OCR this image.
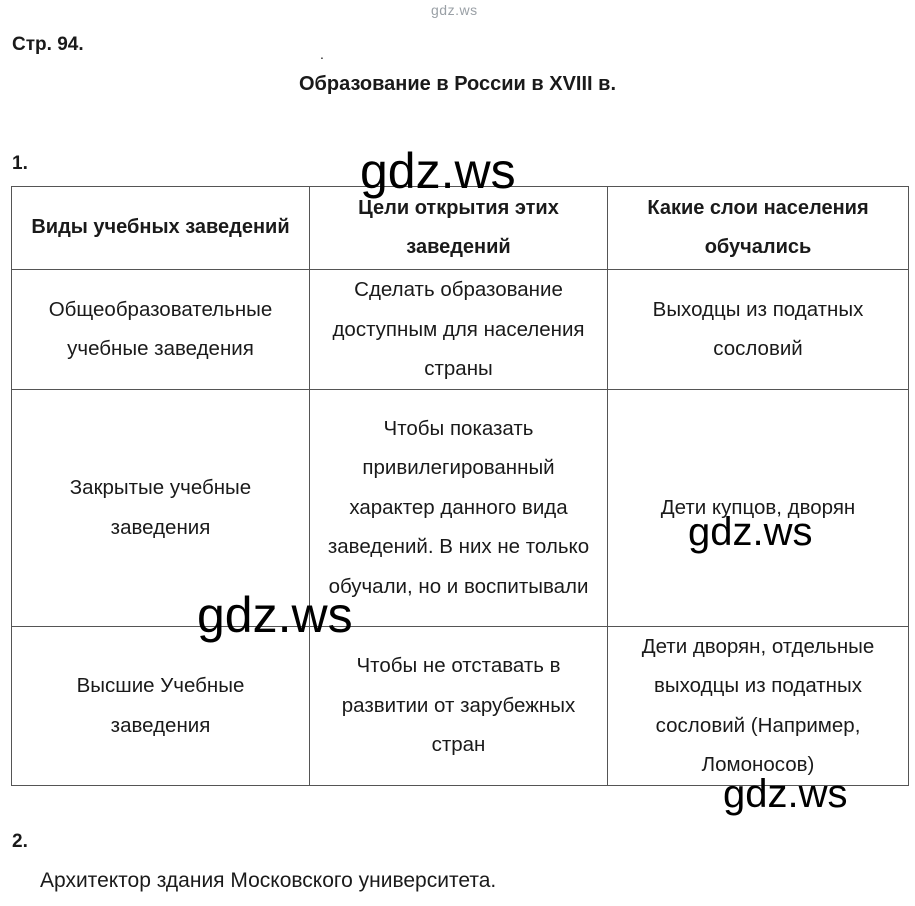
gdz.ws
Стр. 94.	.
Образование в России в XVIII в.
1.
Виды учебных заведений	Цели открытия этих заведений	Какие слои населения обучались
Общеобразовательные учебные заведения	Сделать образование доступным для населения страны	Выходцы из податных сословий
Закрытые учебные заведения	Чтобы показать привилегированный характер данного вида заведений. В них не только обучали, но и воспитывали	Дети купцов, дворян
Высшие Учебные заведения	Чтобы не отставать в развитии от зарубежных стран	Дети дворян, отдельные выходцы из податных сословий (Например, Ломоносов)
2.
Архитектор здания Московского университета.
gdz.ws
gdz.ws
gdz.ws
gdz.ws
